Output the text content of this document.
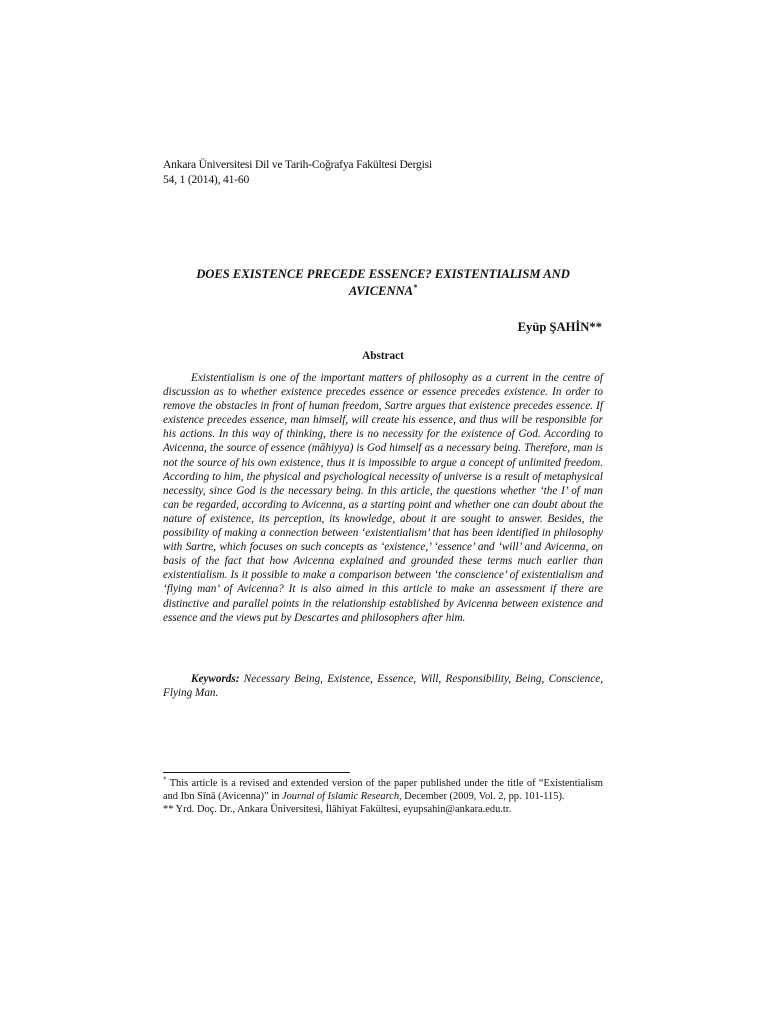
Ankara Üniversitesi Dil ve Tarih-Coğrafya Fakültesi Dergisi
54, 1 (2014), 41-60
DOES EXISTENCE PRECEDE ESSENCE? EXISTENTIALISM AND AVICENNA*
Eyüp ŞAHİN**
Abstract

Existentialism is one of the important matters of philosophy as a current in the centre of discussion as to whether existence precedes essence or essence precedes existence. In order to remove the obstacles in front of human freedom, Sartre argues that existence precedes essence. If existence precedes essence, man himself, will create his essence, and thus will be responsible for his actions. In this way of thinking, there is no necessity for the existence of God. According to Avicenna, the source of essence (māhiyya) is God himself as a necessary being. Therefore, man is not the source of his own existence, thus it is impossible to argue a concept of unlimited freedom. According to him, the physical and psychological necessity of universe is a result of metaphysical necessity, since God is the necessary being. In this article, the questions whether ‘the I’ of man can be regarded, according to Avicenna, as a starting point and whether one can doubt about the nature of existence, its perception, its knowledge, about it are sought to answer. Besides, the possibility of making a connection between ‘existentialism’ that has been identified in philosophy with Sartre, which focuses on such concepts as ‘existence,’ ‘essence’ and ‘will’ and Avicenna, on basis of the fact that how Avicenna explained and grounded these terms much earlier than existentialism. Is it possible to make a comparison between ‘the conscience’ of existentialism and ‘flying man’ of Avicenna? It is also aimed in this article to make an assessment if there are distinctive and parallel points in the relationship established by Avicenna between existence and essence and the views put by Descartes and philosophers after him.

Keywords: Necessary Being, Existence, Essence, Will, Responsibility, Being, Conscience, Flying Man.

* This article is a revised and extended version of the paper published under the title of “Existentialism and Ibn Sīnā (Avicenna)” in Journal of Islamic Research, December (2009, Vol. 2, pp. 101-115).

** Yrd. Doç. Dr., Ankara Üniversitesi, İlâhiyat Fakültesi, eyupsahin@ankara.edu.tr.
